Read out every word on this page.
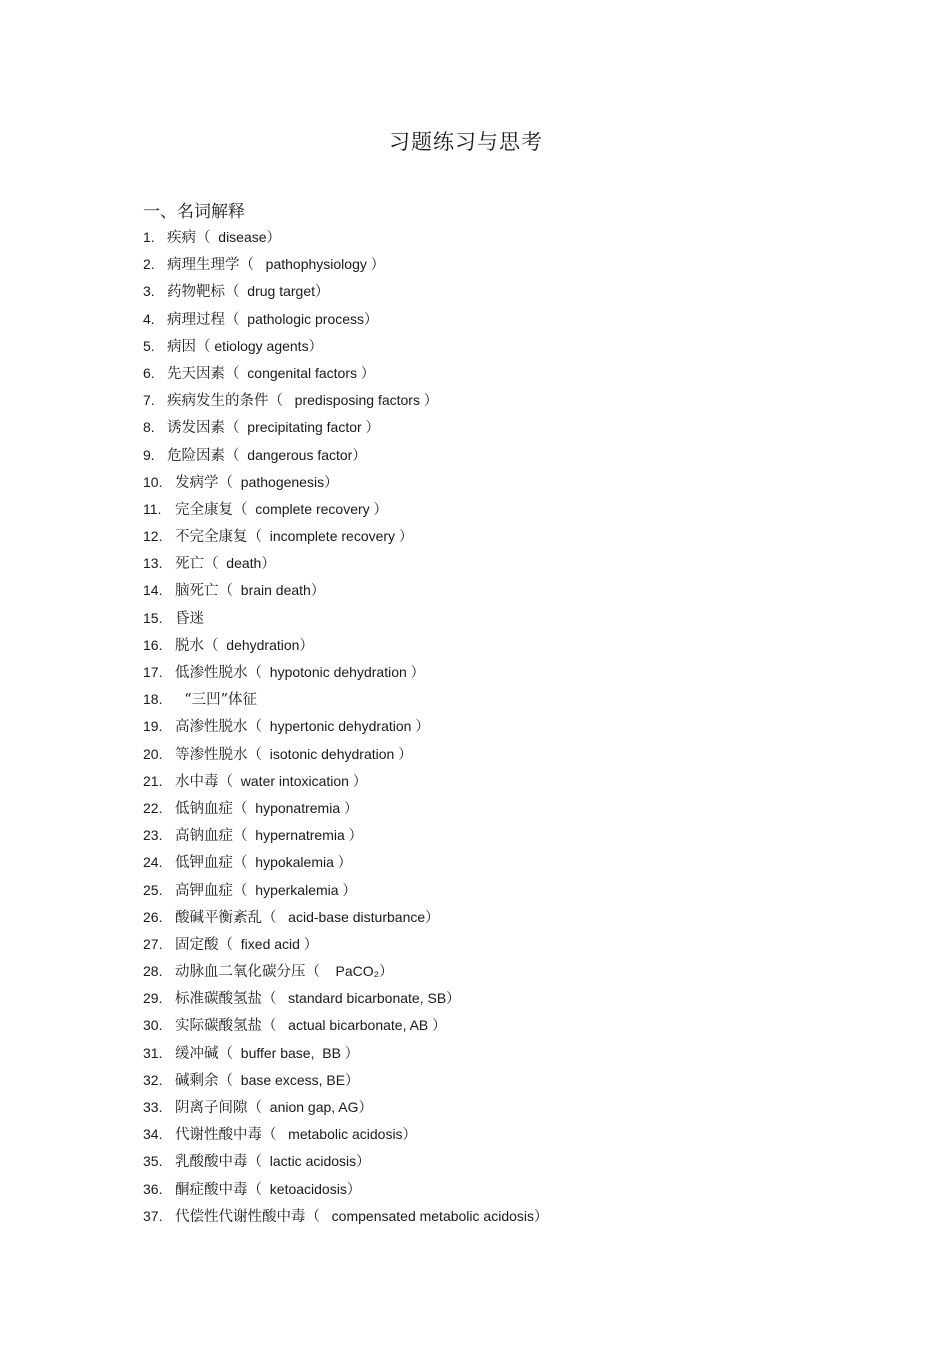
习题练习与思考
一、名词解释
1. 疾病（  disease）
2. 病理生理学（   pathophysiology ）
3. 药物靶标（  drug target）
4. 病理过程（  pathologic process）
5. 病因（ etiology agents）
6. 先天因素（  congenital factors ）
7. 疾病发生的条件（   predisposing factors ）
8. 诱发因素（  precipitating factor ）
9. 危险因素（  dangerous factor）
10. 发病学（  pathogenesis）
11. 完全康复（  complete recovery ）
12. 不完全康复（  incomplete recovery ）
13. 死亡（  death）
14. 脑死亡（  brain death）
15. 昏迷
16. 脱水（  dehydration）
17. 低渗性脱水（  hypotonic dehydration ）
18.  “三凹”体征
19. 高渗性脱水（  hypertonic dehydration ）
20. 等渗性脱水（  isotonic dehydration ）
21. 水中毒（  water intoxication ）
22. 低钠血症（  hyponatremia ）
23. 高钠血症（  hypernatremia ）
24. 低钾血症（  hypokalemia ）
25. 高钾血症（  hyperkalemia ）
26. 酸碱平衡紊乱（   acid-base disturbance）
27. 固定酸（  fixed acid ）
28. 动脉血二氧化碳分压（    PaCO₂）
29. 标准碳酸氢盐（   standard bicarbonate, SB）
30. 实际碳酸氢盐（   actual bicarbonate, AB ）
31. 缓冲碱（  buffer base,  BB ）
32. 碱剩余（  base excess, BE）
33. 阴离子间隙（  anion gap, AG）
34. 代谢性酸中毒（   metabolic acidosis）
35. 乳酸酸中毒（  lactic acidosis）
36. 酮症酸中毒（  ketoacidosis）
37. 代偿性代谢性酸中毒（   compensated metabolic acidosis）
